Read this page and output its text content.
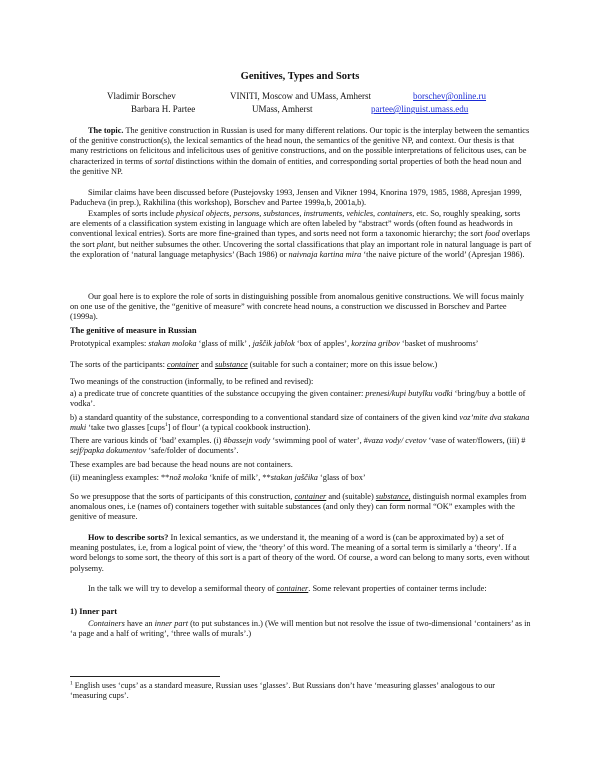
Genitives, Types and Sorts
Vladimir Borschev	VINITI, Moscow and UMass, Amherst	borschev@online.ru
Barbara H. Partee	UMass, Amherst	partee@linguist.umass.edu
The topic. The genitive construction in Russian is used for many different relations. Our topic is the interplay between the semantics of the genitive construction(s), the lexical semantics of the head noun, the semantics of the genitive NP, and context. Our thesis is that many restrictions on felicitous and infelicitous uses of genitive constructions, and on the possible interpretations of felicitous uses, can be characterized in terms of sortal distinctions within the domain of entities, and corresponding sortal properties of both the head noun and the genitive NP.
Similar claims have been discussed before (Pustejovsky 1993, Jensen and Vikner 1994, Knorina 1979, 1985, 1988, Apresjan 1999, Paducheva (in prep.), Rakhilina (this workshop), Borschev and Partee 1999a,b, 2001a,b).
Examples of sorts include physical objects, persons, substances, instruments, vehicles, containers, etc. So, roughly speaking, sorts are elements of a classification system existing in language which are often labeled by “abstract” words (often found as headwords in conventional lexical entries). Sorts are more fine-grained than types, and sorts need not form a taxonomic hierarchy; the sort food overlaps the sort plant, but neither subsumes the other. Uncovering the sortal classifications that play an important role in natural language is part of the exploration of ‘natural language metaphysics’ (Bach 1986) or naivnaja kartina mira ‘the naive picture of the world’ (Apresjan 1986).
Our goal here is to explore the role of sorts in distinguishing possible from anomalous genitive constructions. We will focus mainly on one use of the genitive, the “genitive of measure” with concrete head nouns, a construction we discussed in Borschev and Partee (1999a).
The genitive of measure in Russian
Prototypical examples: stakan moloka ‘glass of milk’ , jaščik jablok ‘box of apples’, korzina gribov ‘basket of mushrooms’
The sorts of the participants: container and substance (suitable for such a container; more on this issue below.)
Two meanings of the construction (informally, to be refined and revised):
a) a predicate true of concrete quantities of the substance occupying the given container: prenesi/kupi butylku vodki ‘bring/buy a bottle of vodka’.
b) a standard quantity of the substance, corresponding to a conventional standard size of containers of the given kind voz’mite dva stakana muki ‘take two glasses [cups$^1$] of flour’ (a typical cookbook instruction).
There are various kinds of ‘bad’ examples. (i) #bassejn vody ‘swimming pool of water’, #vaza vody/ cvetov ‘vase of water/flowers, (iii) # sejf/papka dokumentov ‘safe/folder of documents’.
These examples are bad because the head nouns are not containers.
(ii) meaningless examples: **nož moloka ‘knife of milk’, **stakan jaščika ‘glass of box’
So we presuppose that the sorts of participants of this construction, container and (suitable) substance, distinguish normal examples from anomalous ones, i.e (names of) containers together with suitable substances (and only they) can form normal “OK” examples with the genitive of measure.
How to describe sorts? In lexical semantics, as we understand it, the meaning of a word is (can be approximated by) a set of meaning postulates, i.e, from a logical point of view, the ‘theory’ of this word. The meaning of a sortal term is similarly a ‘theory’. If a word belongs to some sort, the theory of this sort is a part of theory of the word. Of course, a word can belong to many sorts, even without polysemy.
In the talk we will try to develop a semiformal theory of container. Some relevant properties of container terms include:
1) Inner part
Containers have an inner part (to put substances in.) (We will mention but not resolve the issue of two-dimensional ‘containers’ as in ‘a page and a half of writing’, ‘three walls of murals’.)
$^1$ English uses ‘cups’ as a standard measure, Russian uses ‘glasses’. But Russians don’t have ‘measuring glasses’ analogous to our ‘measuring cups’.
